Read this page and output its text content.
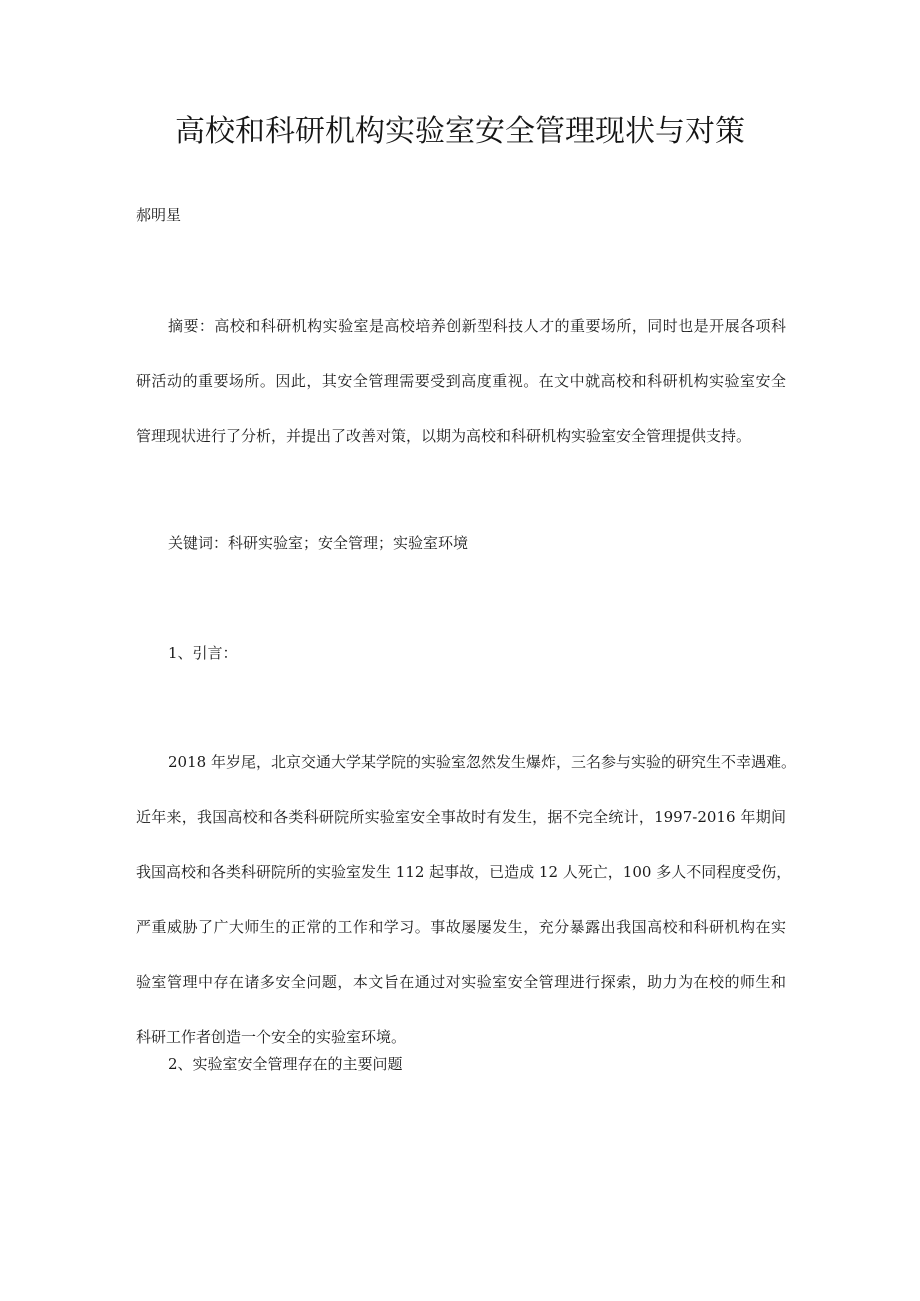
高校和科研机构实验室安全管理现状与对策
郝明星
摘要：高校和科研机构实验室是高校培养创新型科技人才的重要场所，同时也是开展各项科
研活动的重要场所。因此，其安全管理需要受到高度重视。在文中就高校和科研机构实验室安全
管理现状进行了分析，并提出了改善对策，以期为高校和科研机构实验室安全管理提供支持。
关键词：科研实验室；安全管理；实验室环境
1、引言：
2018 年岁尾，北京交通大学某学院的实验室忽然发生爆炸，三名参与实验的研究生不幸遇难。
近年来，我国高校和各类科研院所实验室安全事故时有发生，据不完全统计，1997-2016 年期间
我国高校和各类科研院所的实验室发生 112 起事故，已造成 12 人死亡，100 多人不同程度受伤，
严重威胁了广大师生的正常的工作和学习。事故屡屡发生，充分暴露出我国高校和科研机构在实
验室管理中存在诸多安全问题，本文旨在通过对实验室安全管理进行探索，助力为在校的师生和
科研工作者创造一个安全的实验室环境。
2、实验室安全管理存在的主要问题
